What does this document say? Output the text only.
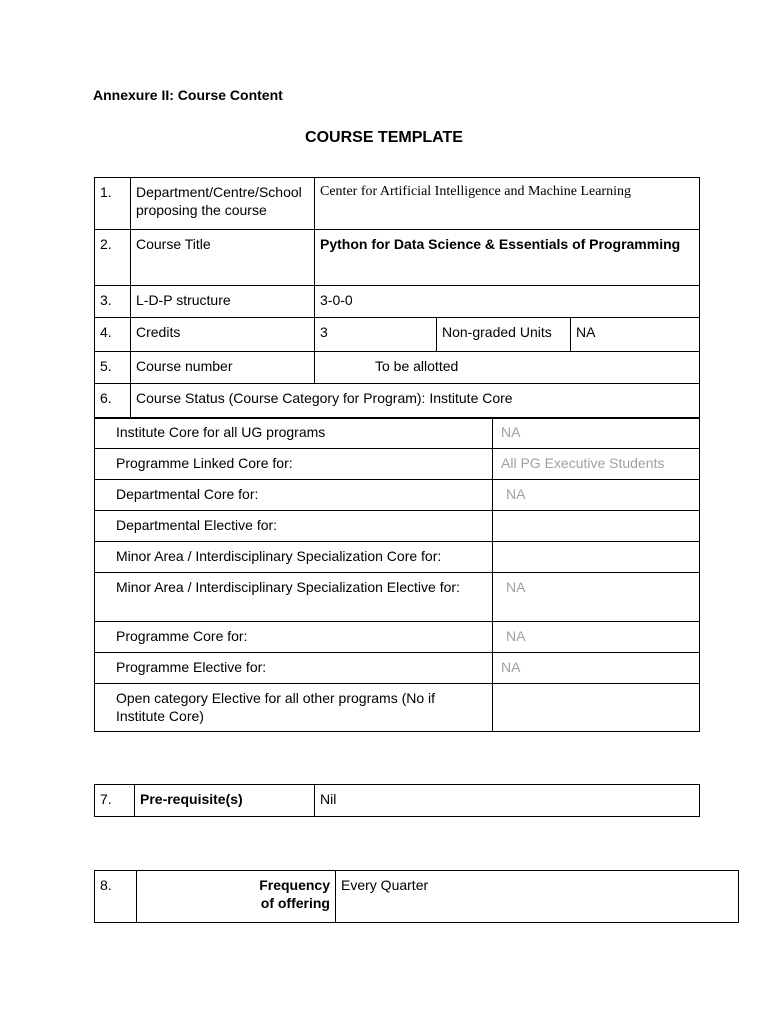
Annexure II: Course Content
COURSE TEMPLATE
1.	Department/Centre/School proposing the course	Center for Artificial Intelligence and Machine Learning		
2.	Course Title	Python for Data Science & Essentials of Programming		
3.	L-D-P structure	3-0-0		
4.	Credits	3	Non-graded Units	NA
5.	Course number	To be allotted		
6.	Course Status (Course Category for Program): Institute Core			
Institute Core for all UG programs	NA
Programme Linked Core for:	All PG Executive Students
Departmental Core for:	NA
Departmental Elective for:	
Minor Area / Interdisciplinary Specialization Core for:	
Minor Area / Interdisciplinary Specialization Elective for:	NA
Programme Core for:	NA
Programme Elective for:	NA
Open category Elective for all other programs (No if Institute Core)	
7.	Pre-requisite(s)	Nil
8.	Frequency of offering	Every Quarter
